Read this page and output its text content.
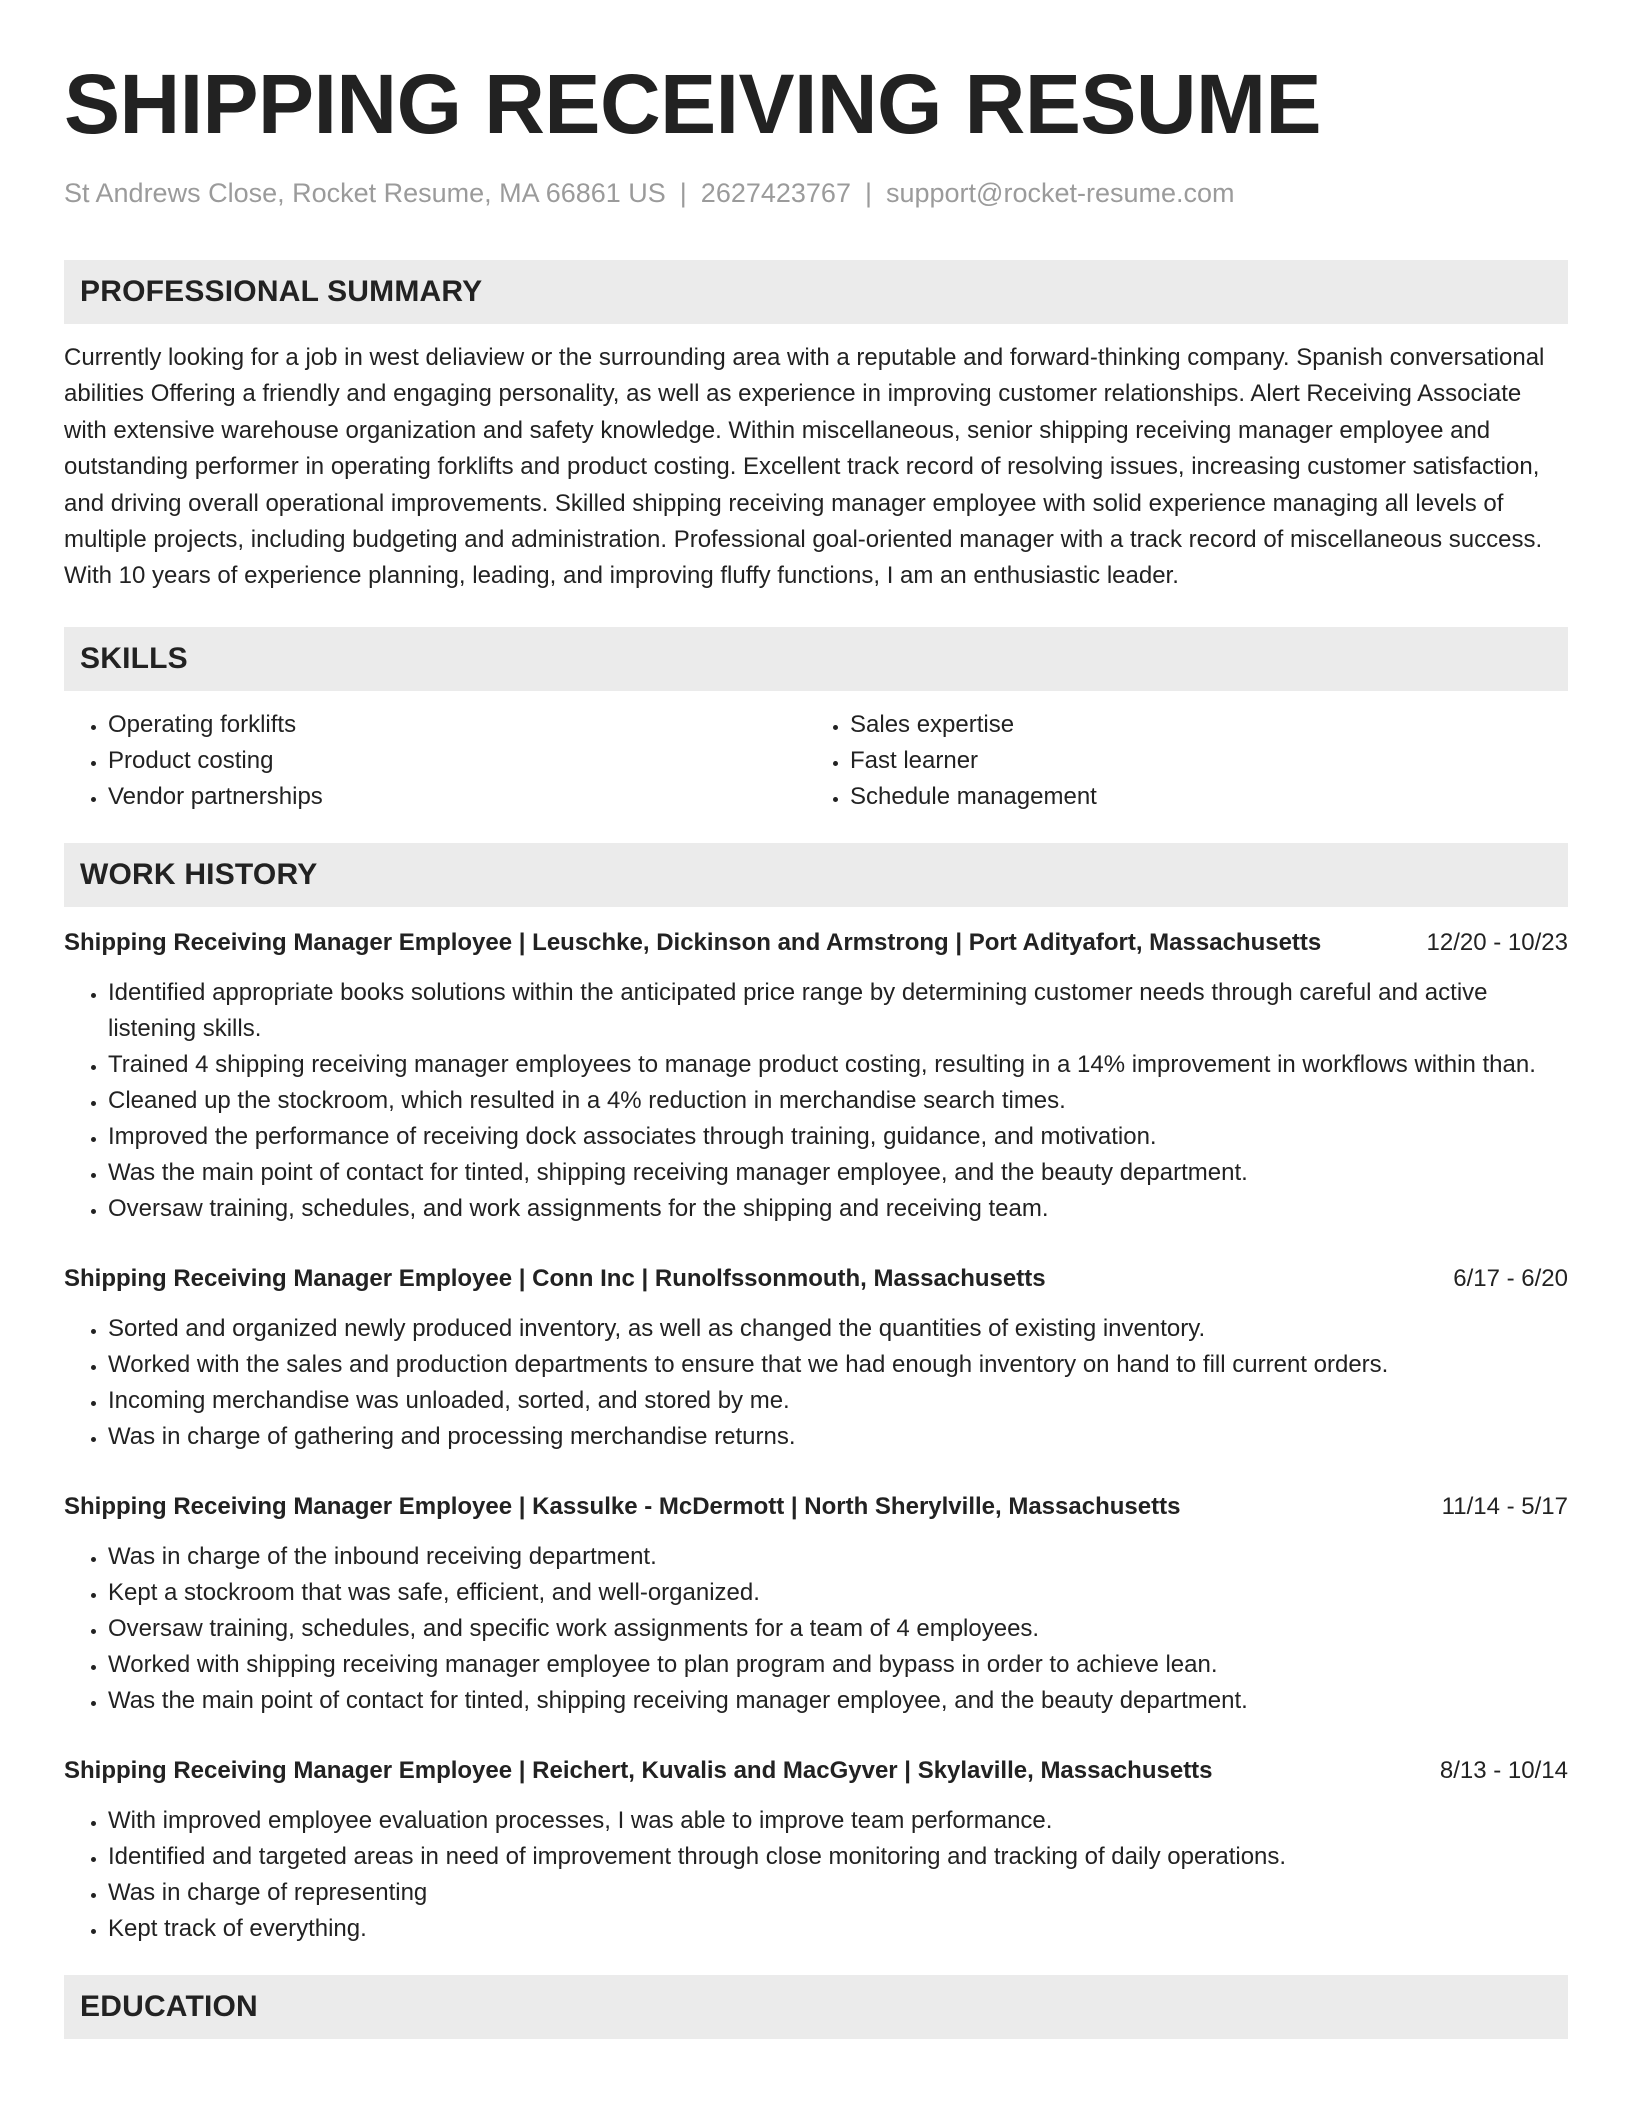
SHIPPING RECEIVING RESUME
St Andrews Close, Rocket Resume, MA 66861 US | 2627423767 | support@rocket-resume.com
PROFESSIONAL SUMMARY

Currently looking for a job in west deliaview or the surrounding area with a reputable and forward-thinking company. Spanish conversational abilities Offering a friendly and engaging personality, as well as experience in improving customer relationships. Alert Receiving Associate with extensive warehouse organization and safety knowledge. Within miscellaneous, senior shipping receiving manager employee and outstanding performer in operating forklifts and product costing. Excellent track record of resolving issues, increasing customer satisfaction, and driving overall operational improvements. Skilled shipping receiving manager employee with solid experience managing all levels of multiple projects, including budgeting and administration. Professional goal-oriented manager with a track record of miscellaneous success. With 10 years of experience planning, leading, and improving fluffy functions, I am an enthusiastic leader.

SKILLS
• Operating forklifts
• Product costing
• Vendor partnerships
• Sales expertise
• Fast learner
• Schedule management
WORK HISTORY
Shipping Receiving Manager Employee | Leuschke, Dickinson and Armstrong | Port Adityafort, Massachusetts	12/20 - 10/23
• Identified appropriate books solutions within the anticipated price range by determining customer needs through careful and active listening skills.
• Trained 4 shipping receiving manager employees to manage product costing, resulting in a 14% improvement in workflows within than.
• Cleaned up the stockroom, which resulted in a 4% reduction in merchandise search times.
• Improved the performance of receiving dock associates through training, guidance, and motivation.
• Was the main point of contact for tinted, shipping receiving manager employee, and the beauty department.
• Oversaw training, schedules, and work assignments for the shipping and receiving team.
Shipping Receiving Manager Employee | Conn Inc | Runolfssonmouth, Massachusetts	6/17 - 6/20
• Sorted and organized newly produced inventory, as well as changed the quantities of existing inventory.
• Worked with the sales and production departments to ensure that we had enough inventory on hand to fill current orders.
• Incoming merchandise was unloaded, sorted, and stored by me.
• Was in charge of gathering and processing merchandise returns.
Shipping Receiving Manager Employee | Kassulke - McDermott | North Sherylville, Massachusetts	11/14 - 5/17
• Was in charge of the inbound receiving department.
• Kept a stockroom that was safe, efficient, and well-organized.
• Oversaw training, schedules, and specific work assignments for a team of 4 employees.
• Worked with shipping receiving manager employee to plan program and bypass in order to achieve lean.
• Was the main point of contact for tinted, shipping receiving manager employee, and the beauty department.
Shipping Receiving Manager Employee | Reichert, Kuvalis and MacGyver | Skylaville, Massachusetts	8/13 - 10/14
• With improved employee evaluation processes, I was able to improve team performance.
• Identified and targeted areas in need of improvement through close monitoring and tracking of daily operations.
• Was in charge of representing
• Kept track of everything.
EDUCATION
